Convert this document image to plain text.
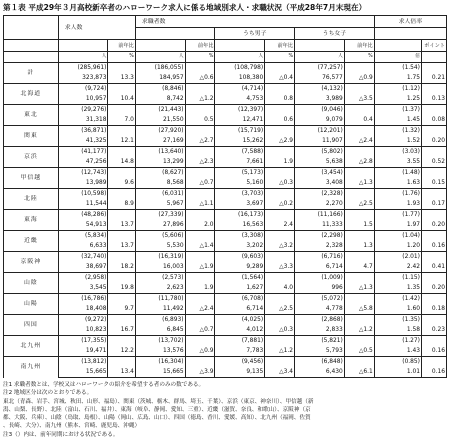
第１表 平成29年３月高校新卒者のハローワーク求人に係る地域別求人・求職状況（平成28年7月末現在）
	求人数		求職者数						求人倍率	
					うち男子		うち女子			
		前年比		前年比		前年比		前年比		ポイント
	人	%	人	%	人	%	人	%	倍	
計	(285,961)		(186,055)		(108,798)		(77,257)		(1.54)	
	323,873	13.3	184,957	△0.6	108,380	△0.4	76,577	△0.9	1.75	0.21
北海道	(9,724)		(8,846)		(4,714)		(4,132)		(1.12)	
	10,957	10.4	8,742	△1.2	4,753	0.8	3,989	△3.5	1.25	0.13
東北	(29,276)		(21,443)		(12,397)		(9,046)		(1.37)	
	31,318	7.0	21,550	0.5	12,471	0.6	9,079	0.4	1.45	0.08
関東	(36,871)		(27,920)		(15,719)		(12,201)		(1.32)	
	41,325	12.1	27,169	△2.7	15,262	△2.9	11,907	△2.4	1.52	0.20
京浜	(41,177)		(13,640)		(7,588)		(5,802)		(3.03)	
	47,256	14.8	13,299	△2.3	7,661	1.9	5,638	△2.8	3.55	0.52
甲信越	(12,743)		(8,627)		(5,173)		(3,454)		(1.48)	
	13,989	9.6	8,568	△0.7	5,160	△0.3	3,408	△1.3	1.63	0.15
北陸	(10,598)		(6,031)		(3,703)		(2,328)		(1.76)	
	11,544	8.9	5,967	△1.1	3,697	△0.2	2,270	△2.5	1.93	0.17
東海	(48,286)		(27,339)		(16,173)		(11,166)		(1.77)	
	54,913	13.7	27,896	2.0	16,563	2.4	11,333	1.5	1.97	0.20
近畿	(5,834)		(5,606)		(3,308)		(2,298)		(1.04)	
	6,633	13.7	5,530	△1.4	3,202	△3.2	2,328	1.3	1.20	0.16
京阪神	(32,740)		(16,319)		(9,603)		(6,716)		(2.01)	
	38,697	18.2	16,003	△1.9	9,289	△3.3	6,714	4.7	2.42	0.41
山陰	(2,958)		(2,573)		(1,564)		(1,009)		(1.15)	
	3,545	19.8	2,623	1.9	1,627	4.0	996	△1.3	1.35	0.20
山陽	(16,786)		(11,780)		(6,708)		(5,072)		(1.42)	
	18,408	9.7	11,492	△2.4	6,714	△2.5	4,778	△5.8	1.60	0.18
四国	(9,272)		(6,893)		(4,025)		(2,868)		(1.35)	
	10,823	16.7	6,845	△0.7	4,012	△0.3	2,833	△1.2	1.58	0.23
北九州	(17,355)		(13,702)		(7,881)		(5,821)		(1.27)	
	19,471	12.2	13,576	△0.9	7,783	△1.2	5,793	△0.5	1.43	0.16
南九州	(13,812)		(16,304)		(9,456)		(6,848)		(0.85)	
	15,665	13.4	15,665	△3.9	9,135	△3.4	6,430	△6.1	1.01	0.16
注1 求職者数とは、学校又はハローワークの紹介を希望する者のみの数である。
注2 地域区分は次のとおりである。
東北（青森、岩手、宮城、秋田、山形、福島）、関東（茨城、栃木、群馬、埼玉、千葉）、京浜（東京、神奈川）、甲信越（新
潟、山梨、長野）、北陸（富山、石川、福井）、東海（岐阜、静岡、愛知、三重）、近畿（滋賀、奈良、和歌山）、京阪神（京
都、大阪、兵庫）、山陰（鳥取、島根）、山陽（岡山、広島、山口）、四国（徳島、香川、愛媛、高知）、北九州（福岡、佐賀
、長崎、大分）、南九州（熊本、宮崎、鹿児島、沖縄）
注3（）内は、前年同期における状況である。
